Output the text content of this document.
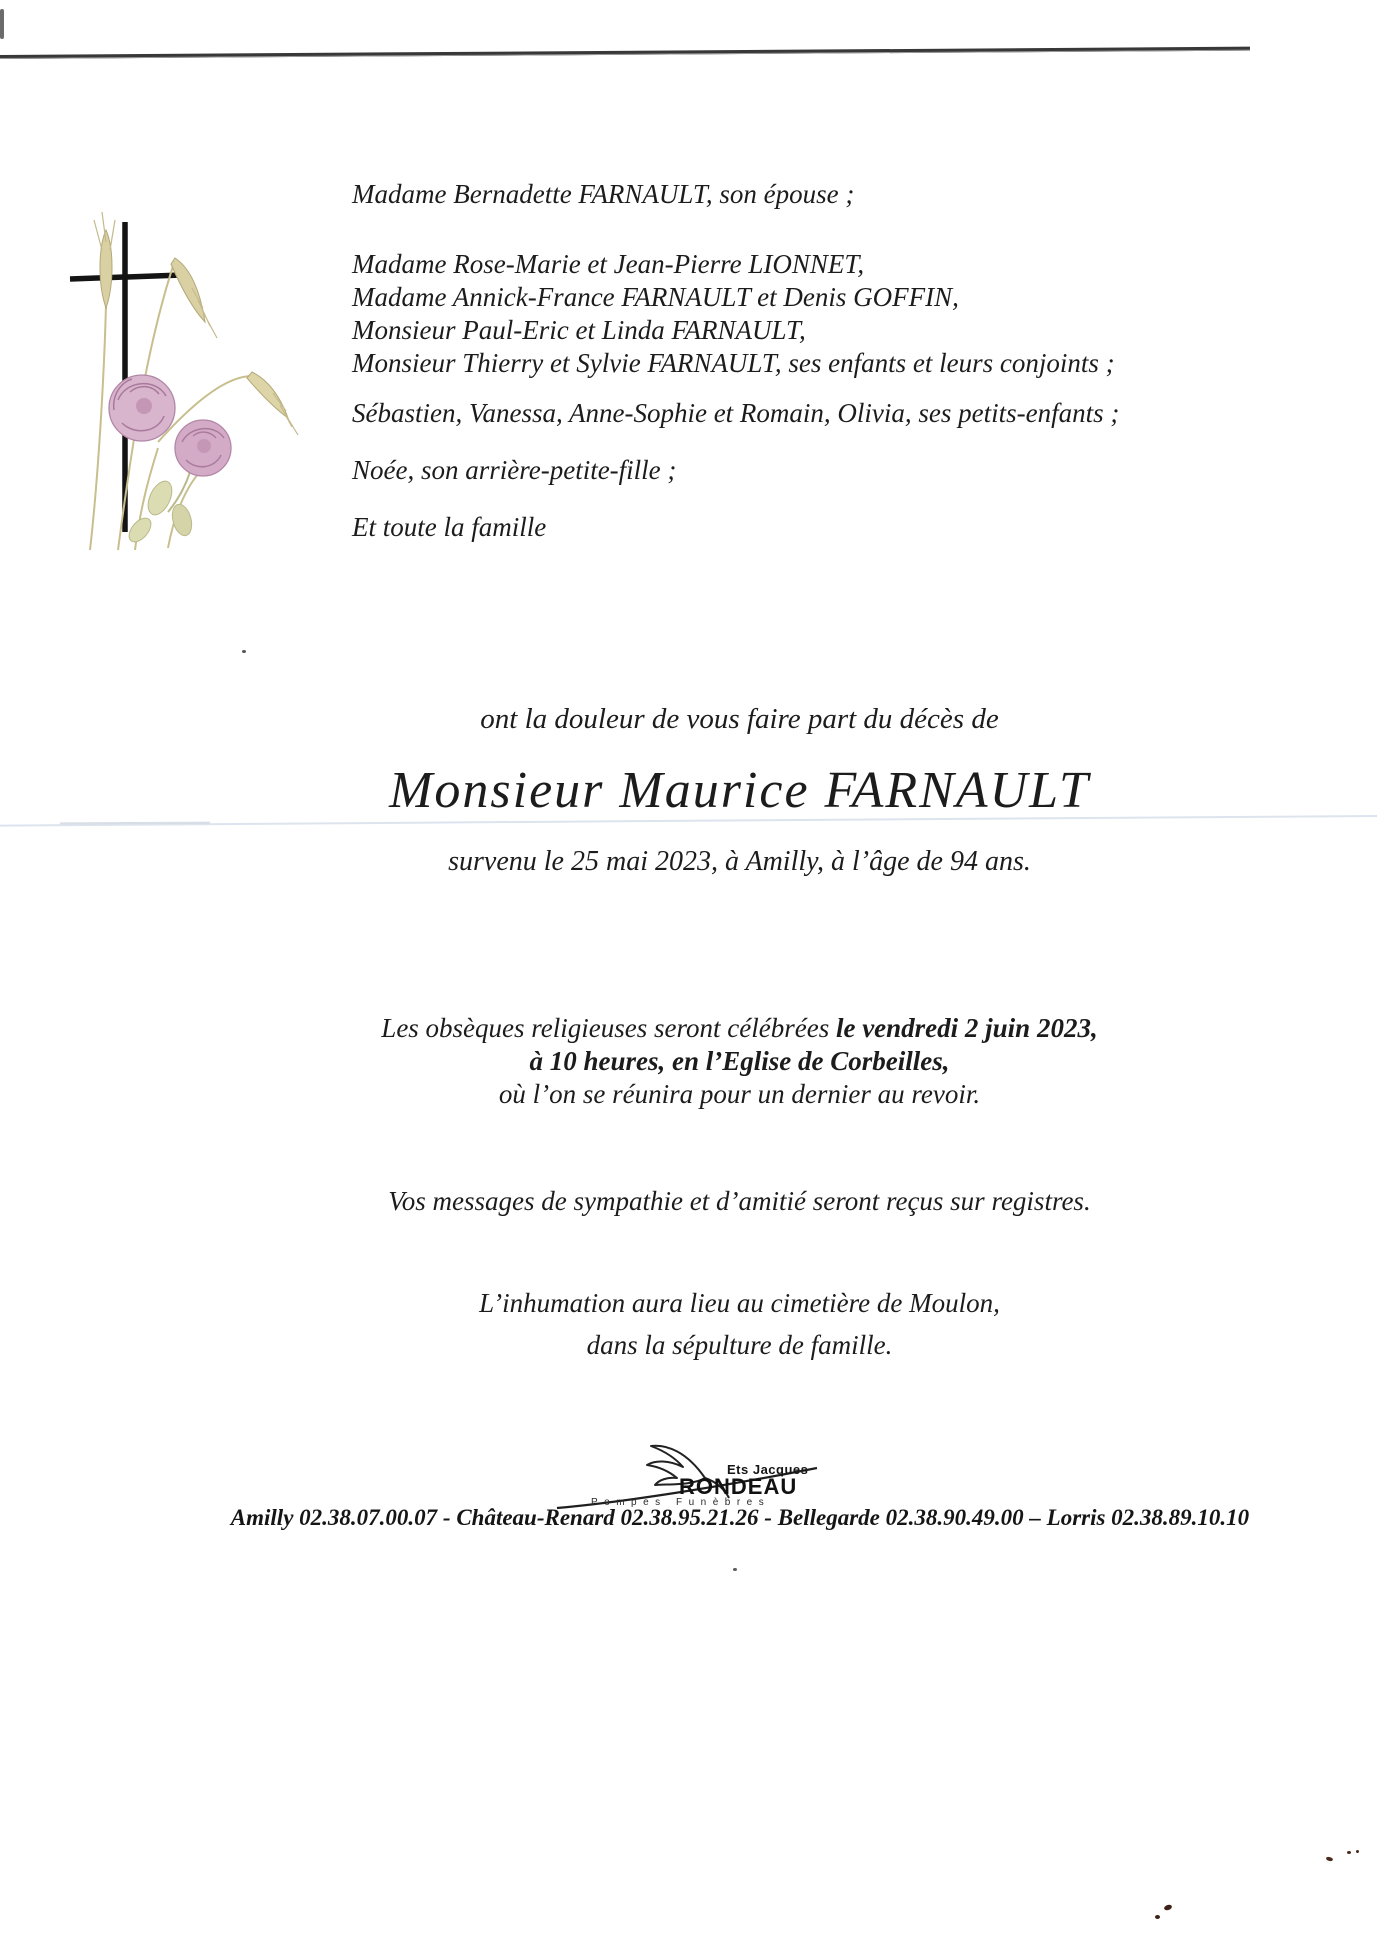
Madame Bernadette FARNAULT, son épouse ;
Madame Rose-Marie et Jean-Pierre LIONNET,
Madame Annick-France FARNAULT et Denis GOFFIN,
Monsieur Paul-Eric et Linda FARNAULT,
Monsieur Thierry et Sylvie FARNAULT, ses enfants et leurs conjoints ;
Sébastien, Vanessa, Anne-Sophie et Romain, Olivia, ses petits-enfants ;
Noée, son arrière-petite-fille ;
Et toute la famille
ont la douleur de vous faire part du décès de
Monsieur Maurice FARNAULT
survenu le 25 mai 2023, à Amilly, à l’âge de 94 ans.
Les obsèques religieuses seront célébrées le vendredi 2 juin 2023,
à 10 heures, en l’Eglise de Corbeilles,
où l’on se réunira pour un dernier au revoir.
Vos messages de sympathie et d’amitié seront reçus sur registres.
L’inhumation aura lieu au cimetière de Moulon,
dans la sépulture de famille.
Ets Jacques
RONDEAU
Pompes Funèbres
Amilly 02.38.07.00.07 - Château-Renard 02.38.95.21.26 - Bellegarde 02.38.90.49.00 – Lorris 02.38.89.10.10
